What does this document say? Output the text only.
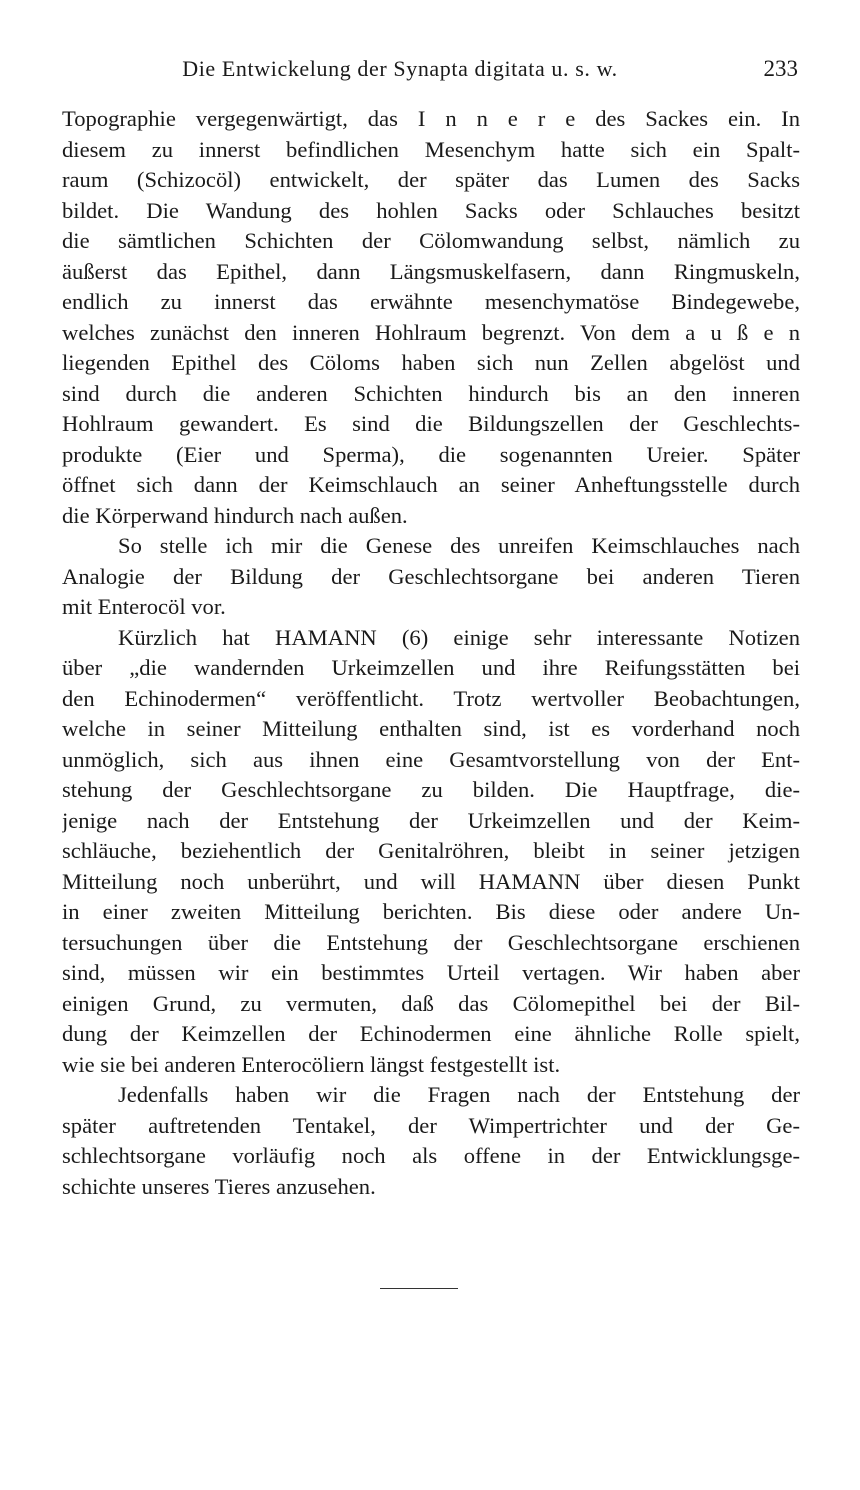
Die Entwickelung der Synapta digitata u. s. w.	233
Topographie vergegenwärtigt, das I n n e r e des Sackes ein. In
diesem zu innerst befindlichen Mesenchym hatte sich ein Spalt-
raum (Schizocöl) entwickelt, der später das Lumen des Sacks
bildet. Die Wandung des hohlen Sacks oder Schlauches besitzt
die sämtlichen Schichten der Cölomwandung selbst, nämlich zu
äußerst das Epithel, dann Längsmuskelfasern, dann Ringmuskeln,
endlich zu innerst das erwähnte mesenchymatöse Bindegewebe,
welches zunächst den inneren Hohlraum begrenzt. Von dem a u ß e n
liegenden Epithel des Cöloms haben sich nun Zellen abgelöst und
sind durch die anderen Schichten hindurch bis an den inneren
Hohlraum gewandert. Es sind die Bildungszellen der Geschlechts-
produkte (Eier und Sperma), die sogenannten Ureier. Später
öffnet sich dann der Keimschlauch an seiner Anheftungsstelle durch
die Körperwand hindurch nach außen.
So stelle ich mir die Genese des unreifen Keimschlauches nach
Analogie der Bildung der Geschlechtsorgane bei anderen Tieren
mit Enterocöl vor.
Kürzlich hat HAMANN (6) einige sehr interessante Notizen
über „die wandernden Urkeimzellen und ihre Reifungsstätten bei
den Echinodermen“ veröffentlicht. Trotz wertvoller Beobachtungen,
welche in seiner Mitteilung enthalten sind, ist es vorderhand noch
unmöglich, sich aus ihnen eine Gesamtvorstellung von der Ent-
stehung der Geschlechtsorgane zu bilden. Die Hauptfrage, die-
jenige nach der Entstehung der Urkeimzellen und der Keim-
schläuche, beziehentlich der Genitalröhren, bleibt in seiner jetzigen
Mitteilung noch unberührt, und will HAMANN über diesen Punkt
in einer zweiten Mitteilung berichten. Bis diese oder andere Un-
tersuchungen über die Entstehung der Geschlechtsorgane erschienen
sind, müssen wir ein bestimmtes Urteil vertagen. Wir haben aber
einigen Grund, zu vermuten, daß das Cölomepithel bei der Bil-
dung der Keimzellen der Echinodermen eine ähnliche Rolle spielt,
wie sie bei anderen Enterocöliern längst festgestellt ist.
Jedenfalls haben wir die Fragen nach der Entstehung der
später auftretenden Tentakel, der Wimpertrichter und der Ge-
schlechtsorgane vorläufig noch als offene in der Entwicklungsge-
schichte unseres Tieres anzusehen.
